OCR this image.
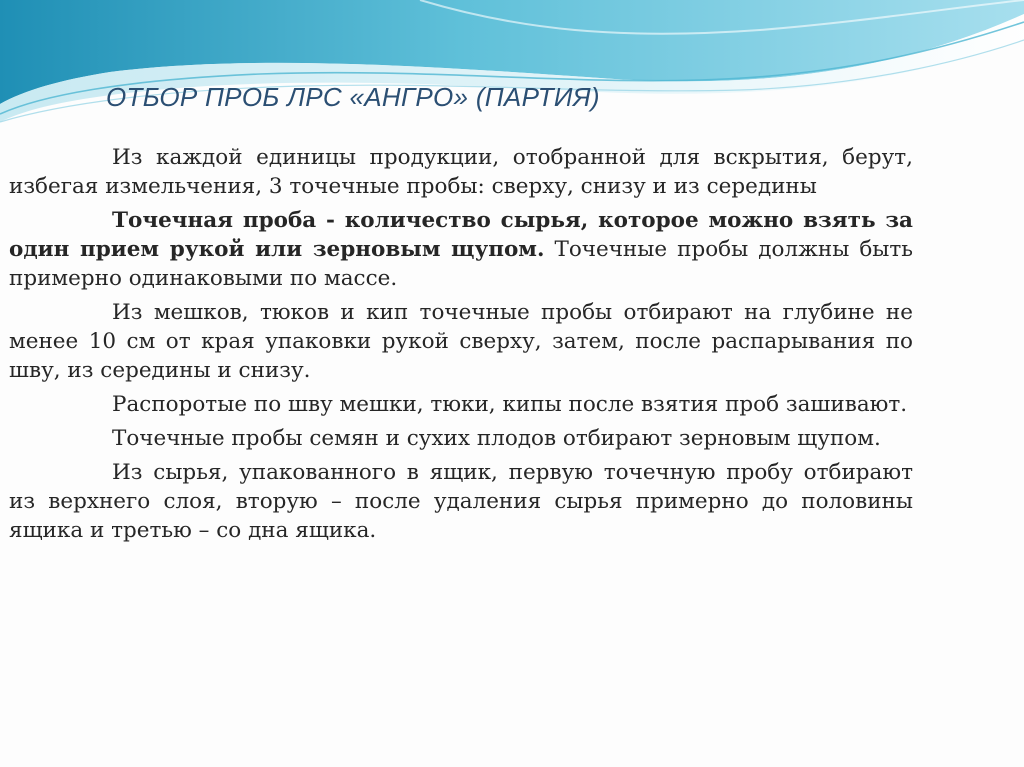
ОТБОР ПРОБ ЛРС «АНГРО» (ПАРТИЯ)

Из каждой единицы продукции, отобранной для вскрытия, берут, избегая измельчения, 3 точечные пробы: сверху, снизу и из середины

Точечная проба - количество сырья, которое можно взять за один прием рукой или зерновым щупом. Точечные пробы должны быть примерно одинаковыми по массе.

Из мешков, тюков и кип точечные пробы отбирают на глубине не менее 10 см от края упаковки рукой сверху, затем, после распарывания по шву, из середины и снизу.

Распоротые по шву мешки, тюки, кипы после взятия проб зашивают.

Точечные пробы семян и сухих плодов отбирают зерновым щупом.

Из сырья, упакованного в ящик, первую точечную пробу отбирают из верхнего слоя, вторую – после удаления сырья примерно до половины ящика и третью – со дна ящика.
